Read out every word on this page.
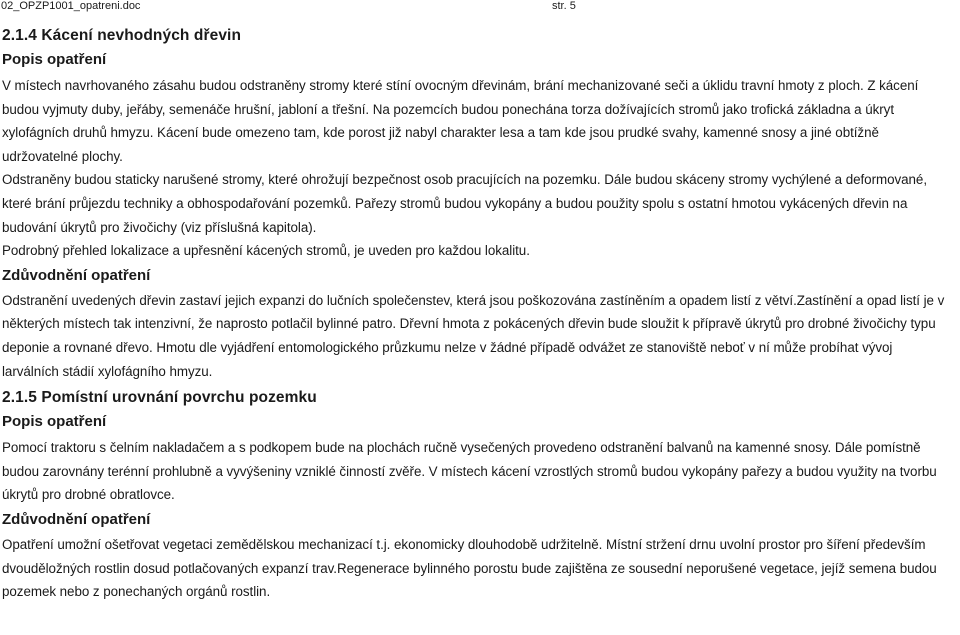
02_OPZP1001_opatreni.doc	str. 5
2.1.4 Kácení nevhodných dřevin
Popis opatření

V místech navrhovaného zásahu budou odstraněny stromy které stíní ovocným dřevinám, brání mechanizované seči a úklidu travní hmoty z ploch. Z kácení budou vyjmuty duby, jeřáby, semenáče hrušní, jabloní a třešní. Na pozemcích budou ponechána torza dožívajících stromů jako trofická základna a úkryt xylofágních druhů hmyzu. Kácení bude omezeno tam, kde porost již nabyl charakter lesa a tam kde jsou prudké svahy, kamenné snosy a jiné obtížně udržovatelné plochy.

Odstraněny budou staticky narušené stromy, které ohrožují bezpečnost osob pracujících na pozemku. Dále budou skáceny stromy vychýlené a deformované, které brání průjezdu techniky a obhospodařování pozemků. Pařezy stromů budou vykopány a budou použity spolu s ostatní hmotou vykácených dřevin na budování úkrytů pro živočichy (viz příslušná kapitola).

Podrobný přehled lokalizace a upřesnění kácených stromů, je uveden pro každou lokalitu.

Zdůvodnění opatření

Odstranění uvedených dřevin zastaví jejich expanzi do lučních společenstev, která jsou poškozována zastíněním a opadem listí z větví.Zastínění a opad listí je v některých místech tak intenzivní, že naprosto potlačil bylinné patro. Dřevní hmota z pokácených dřevin bude sloužit k přípravě úkrytů pro drobné živočichy typu deponie a rovnané dřevo. Hmotu dle vyjádření entomologického průzkumu nelze v žádné případě odvážet ze stanoviště neboť v ní může probíhat vývoj larválních stádií xylofágního hmyzu.

2.1.5 Pomístní urovnání povrchu pozemku
Popis opatření

Pomocí traktoru s čelním nakladačem a s podkopem bude na plochách ručně vysečených provedeno odstranění balvanů na kamenné snosy. Dále pomístně budou zarovnány terénní prohlubně a vyvýšeniny vzniklé činností zvěře. V místech kácení vzrostlých stromů budou vykopány pařezy a budou využity na tvorbu úkrytů pro drobné obratlovce.

Zdůvodnění opatření

Opatření umožní ošetřovat vegetaci zemědělskou mechanizací t.j. ekonomicky dlouhodobě udržitelně. Místní stržení drnu uvolní prostor pro šíření především dvouděložných rostlin dosud potlačovaných expanzí trav.Regenerace bylinného porostu bude zajištěna ze sousední neporušené vegetace, jejíž semena budou pozemek nebo z ponechaných orgánů rostlin.
